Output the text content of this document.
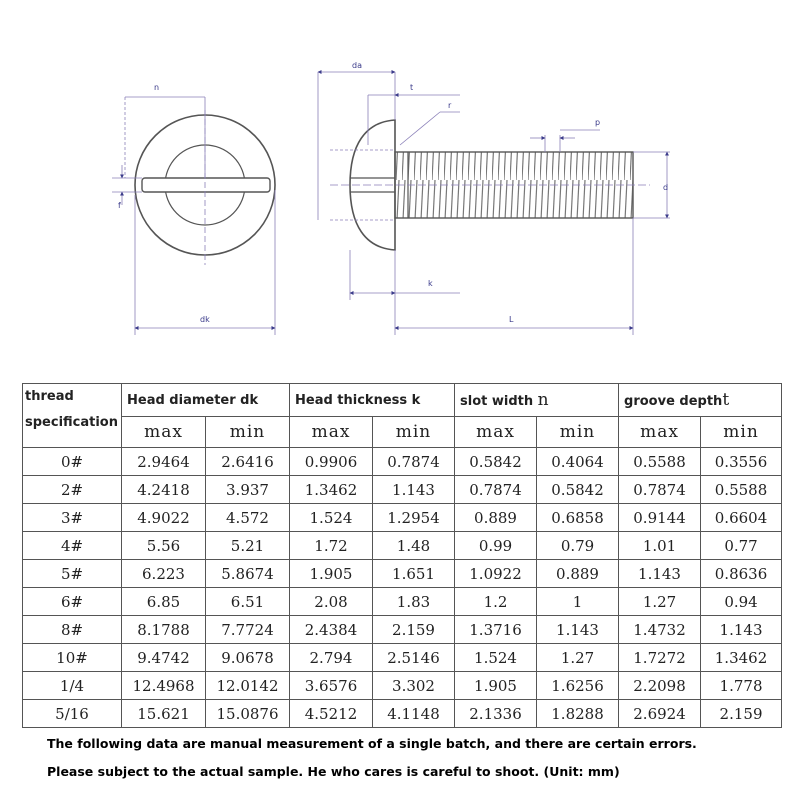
n
f
dk
da
t
r
p
d
k
L
thread
specification	Head diameter dk		Head thickness k		slot width n		groove deptht	
	max	min	max	min	max	min	max	min
0#	2.9464	2.6416	0.9906	0.7874	0.5842	0.4064	0.5588	0.3556
2#	4.2418	3.937	1.3462	1.143	0.7874	0.5842	0.7874	0.5588
3#	4.9022	4.572	1.524	1.2954	0.889	0.6858	0.9144	0.6604
4#	5.56	5.21	1.72	1.48	0.99	0.79	1.01	0.77
5#	6.223	5.8674	1.905	1.651	1.0922	0.889	1.143	0.8636
6#	6.85	6.51	2.08	1.83	1.2	1	1.27	0.94
8#	8.1788	7.7724	2.4384	2.159	1.3716	1.143	1.4732	1.143
10#	9.4742	9.0678	2.794	2.5146	1.524	1.27	1.7272	1.3462
1/4	12.4968	12.0142	3.6576	3.302	1.905	1.6256	2.2098	1.778
5/16	15.621	15.0876	4.5212	4.1148	2.1336	1.8288	2.6924	2.159
The following data are manual measurement of a single batch, and there are certain errors.
Please subject to the actual sample. He who cares is careful to shoot. (Unit: mm)
